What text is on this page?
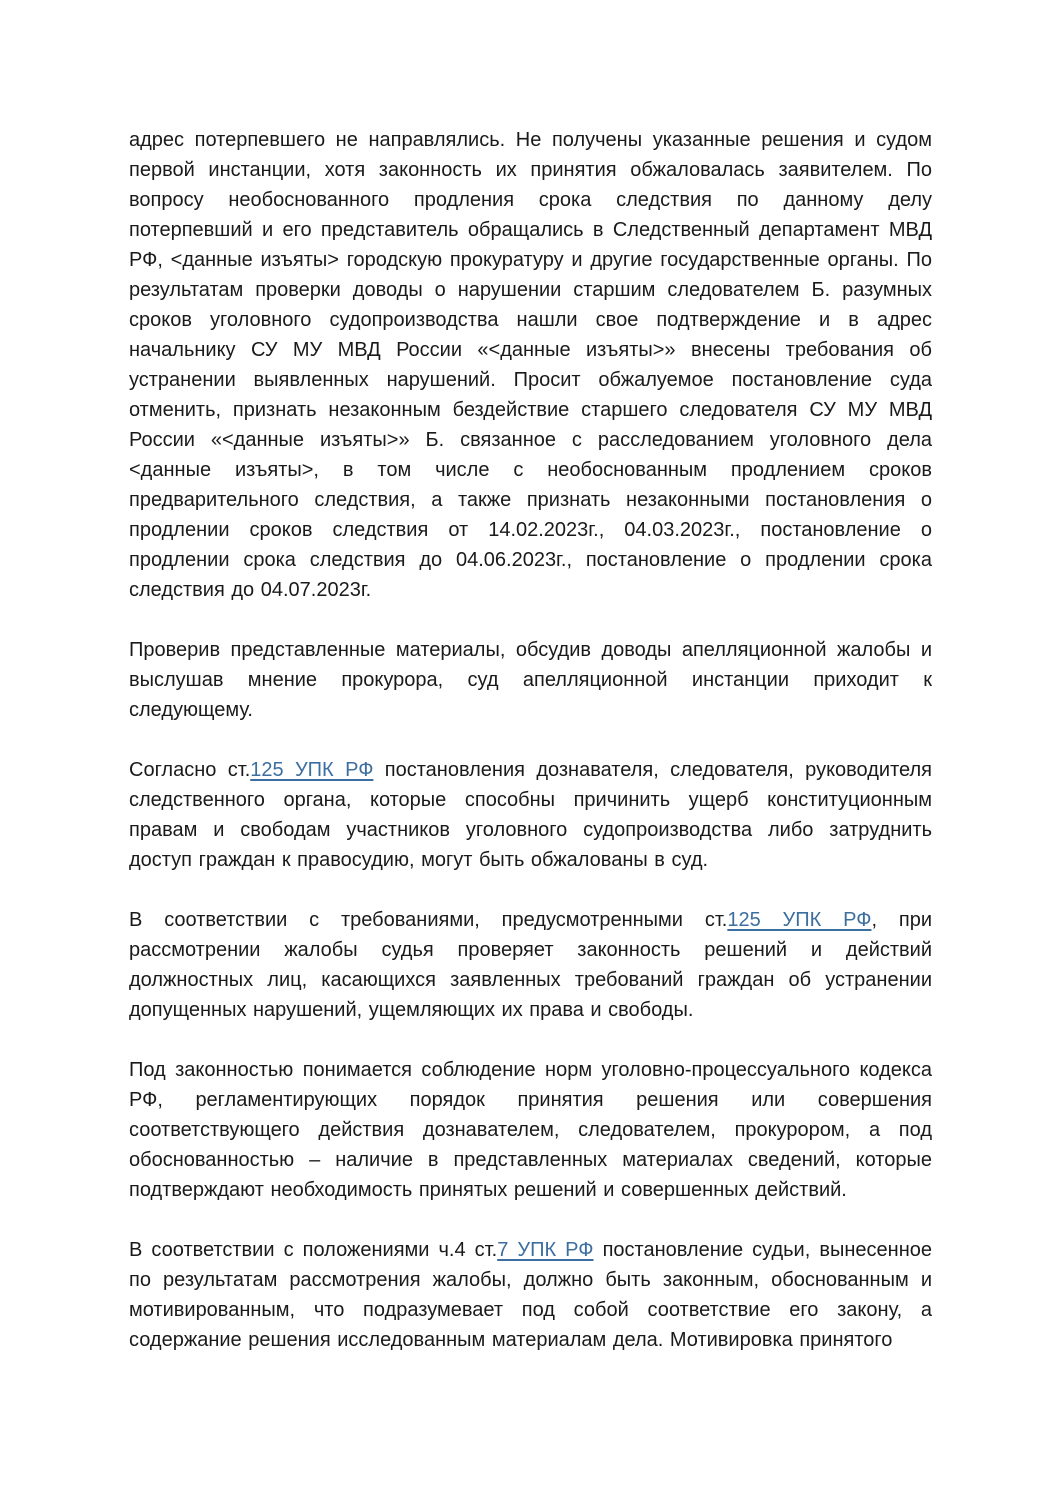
адрес потерпевшего не направлялись. Не получены указанные решения и судом первой инстанции, хотя законность их принятия обжаловалась заявителем. По вопросу необоснованного продления срока следствия по данному делу потерпевший и его представитель обращались в Следственный департамент МВД РФ, <данные изъяты> городскую прокуратуру и другие государственные органы. По результатам проверки доводы о нарушении старшим следователем Б. разумных сроков уголовного судопроизводства нашли свое подтверждение и в адрес начальнику СУ МУ МВД России «<данные изъяты>» внесены требования об устранении выявленных нарушений. Просит обжалуемое постановление суда отменить, признать незаконным бездействие старшего следователя СУ МУ МВД России «<данные изъяты>» Б. связанное с расследованием уголовного дела <данные изъяты>, в том числе с необоснованным продлением сроков предварительного следствия, а также признать незаконными постановления о продлении сроков следствия от 14.02.2023г., 04.03.2023г., постановление о продлении срока следствия до 04.06.2023г., постановление о продлении срока следствия до 04.07.2023г.

Проверив представленные материалы, обсудив доводы апелляционной жалобы и выслушав мнение прокурора, суд апелляционной инстанции приходит к следующему.

Согласно ст.125 УПК РФ постановления дознавателя, следователя, руководителя следственного органа, которые способны причинить ущерб конституционным правам и свободам участников уголовного судопроизводства либо затруднить доступ граждан к правосудию, могут быть обжалованы в суд.

В соответствии с требованиями, предусмотренными ст.125 УПК РФ, при рассмотрении жалобы судья проверяет законность решений и действий должностных лиц, касающихся заявленных требований граждан об устранении допущенных нарушений, ущемляющих их права и свободы.

Под законностью понимается соблюдение норм уголовно-процессуального кодекса РФ, регламентирующих порядок принятия решения или совершения соответствующего действия дознавателем, следователем, прокурором, а под обоснованностью – наличие в представленных материалах сведений, которые подтверждают необходимость принятых решений и совершенных действий.

В соответствии с положениями ч.4 ст.7 УПК РФ постановление судьи, вынесенное по результатам рассмотрения жалобы, должно быть законным, обоснованным и мотивированным, что подразумевает под собой соответствие его закону, а содержание решения исследованным материалам дела. Мотивировка принятого
